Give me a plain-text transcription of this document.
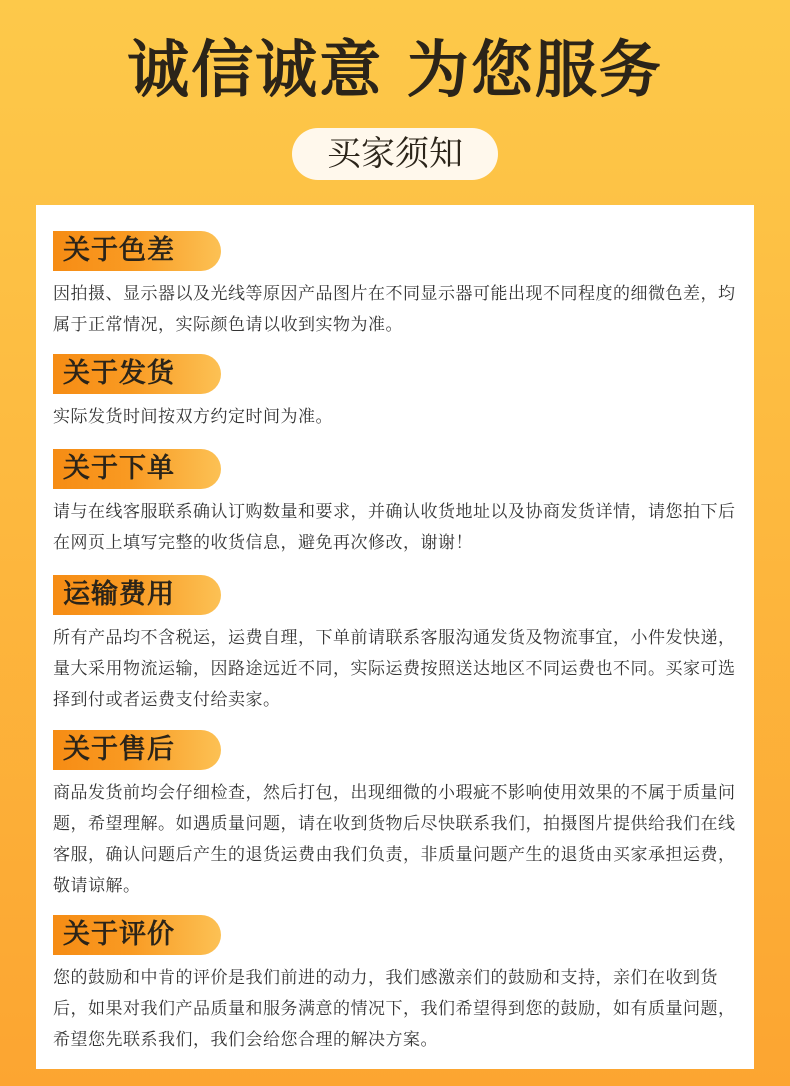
诚信诚意 为您服务
买家须知
关于色差
因拍摄、显示器以及光线等原因产品图片在不同显示器可能出现不同程度的细微色差，均属于正常情况，实际颜色请以收到实物为准。
关于发货
实际发货时间按双方约定时间为准。
关于下单
请与在线客服联系确认订购数量和要求，并确认收货地址以及协商发货详情，请您拍下后在网页上填写完整的收货信息，避免再次修改，谢谢！
运输费用
所有产品均不含税运，运费自理，下单前请联系客服沟通发货及物流事宜，小件发快递，量大采用物流运输，因路途远近不同，实际运费按照送达地区不同运费也不同。买家可选择到付或者运费支付给卖家。
关于售后
商品发货前均会仔细检查，然后打包，出现细微的小瑕疵不影响使用效果的不属于质量问题，希望理解。如遇质量问题，请在收到货物后尽快联系我们，拍摄图片提供给我们在线客服，确认问题后产生的退货运费由我们负责，非质量问题产生的退货由买家承担运费，敬请谅解。
关于评价
您的鼓励和中肯的评价是我们前进的动力，我们感激亲们的鼓励和支持，亲们在收到货后，如果对我们产品质量和服务满意的情况下，我们希望得到您的鼓励，如有质量问题，希望您先联系我们，我们会给您合理的解决方案。
